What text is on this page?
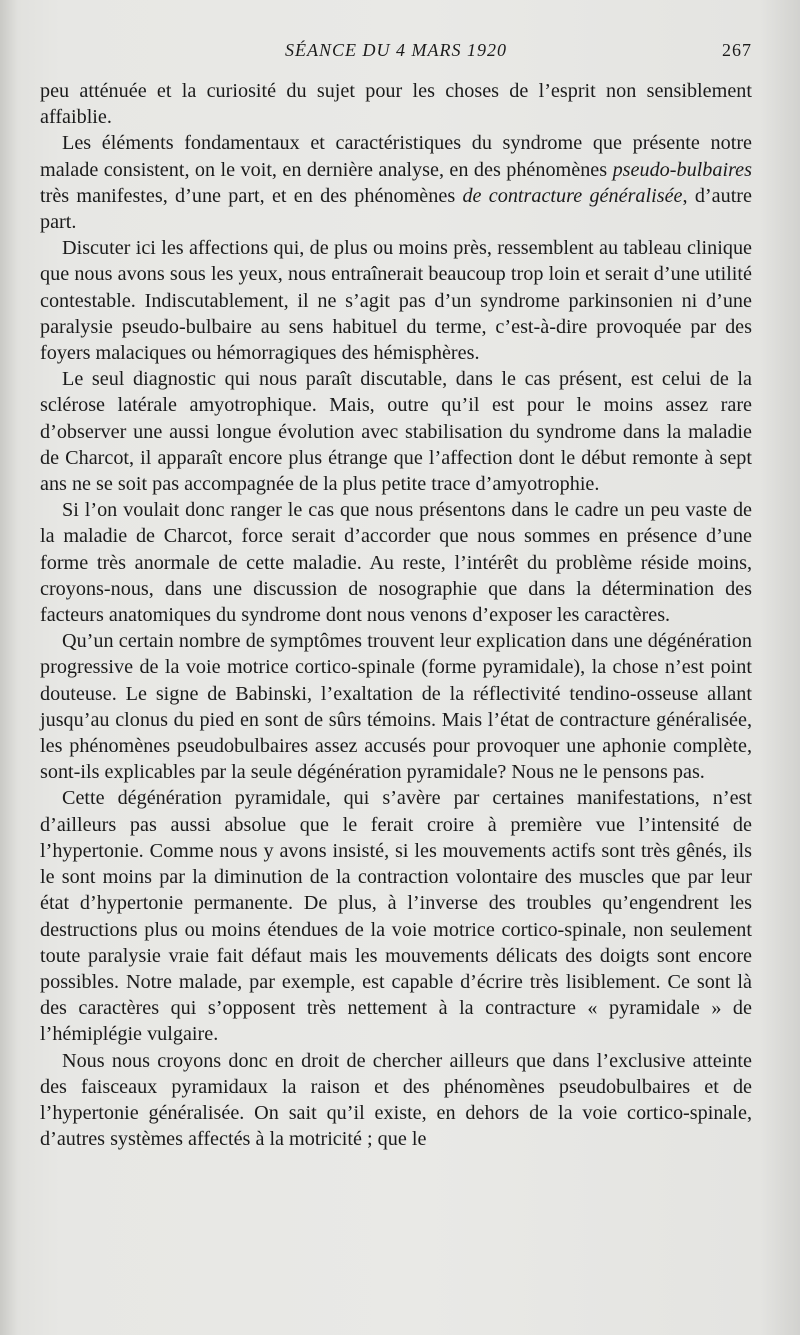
SÉANCE DU 4 MARS 1920	267

peu atténuée et la curiosité du sujet pour les choses de l’esprit non sensiblement affaiblie.

Les éléments fondamentaux et caractéristiques du syndrome que présente notre malade consistent, on le voit, en dernière analyse, en des phénomènes pseudo-bulbaires très manifestes, d’une part, et en des phénomènes de contracture généralisée, d’autre part.

Discuter ici les affections qui, de plus ou moins près, ressemblent au tableau clinique que nous avons sous les yeux, nous entraînerait beaucoup trop loin et serait d’une utilité contestable. Indiscutablement, il ne s’agit pas d’un syndrome parkinsonien ni d’une paralysie pseudo-bulbaire au sens habituel du terme, c’est-à-dire provoquée par des foyers malaciques ou hémorragiques des hémisphères.

Le seul diagnostic qui nous paraît discutable, dans le cas présent, est celui de la sclérose latérale amyotrophique. Mais, outre qu’il est pour le moins assez rare d’observer une aussi longue évolution avec stabilisation du syndrome dans la maladie de Charcot, il apparaît encore plus étrange que l’affection dont le début remonte à sept ans ne se soit pas accompagnée de la plus petite trace d’amyotrophie.

Si l’on voulait donc ranger le cas que nous présentons dans le cadre un peu vaste de la maladie de Charcot, force serait d’accorder que nous sommes en présence d’une forme très anormale de cette maladie. Au reste, l’intérêt du problème réside moins, croyons-nous, dans une discussion de nosographie que dans la détermination des facteurs anatomiques du syndrome dont nous venons d’exposer les caractères.

Qu’un certain nombre de symptômes trouvent leur explication dans une dégénération progressive de la voie motrice cortico-spinale (forme pyramidale), la chose n’est point douteuse. Le signe de Babinski, l’exaltation de la réflectivité tendino-osseuse allant jusqu’au clonus du pied en sont de sûrs témoins. Mais l’état de contracture généralisée, les phénomènes pseudobulbaires assez accusés pour provoquer une aphonie complète, sont-ils explicables par la seule dégénération pyramidale? Nous ne le pensons pas.

Cette dégénération pyramidale, qui s’avère par certaines manifestations, n’est d’ailleurs pas aussi absolue que le ferait croire à première vue l’intensité de l’hypertonie. Comme nous y avons insisté, si les mouvements actifs sont très gênés, ils le sont moins par la diminution de la contraction volontaire des muscles que par leur état d’hypertonie permanente. De plus, à l’inverse des troubles qu’engendrent les destructions plus ou moins étendues de la voie motrice cortico-spinale, non seulement toute paralysie vraie fait défaut mais les mouvements délicats des doigts sont encore possibles. Notre malade, par exemple, est capable d’écrire très lisiblement. Ce sont là des caractères qui s’opposent très nettement à la contracture « pyramidale » de l’hémiplégie vulgaire.

Nous nous croyons donc en droit de chercher ailleurs que dans l’exclusive atteinte des faisceaux pyramidaux la raison et des phénomènes pseudobulbaires et de l’hypertonie généralisée. On sait qu’il existe, en dehors de la voie cortico-spinale, d’autres systèmes affectés à la motricité ; que le
